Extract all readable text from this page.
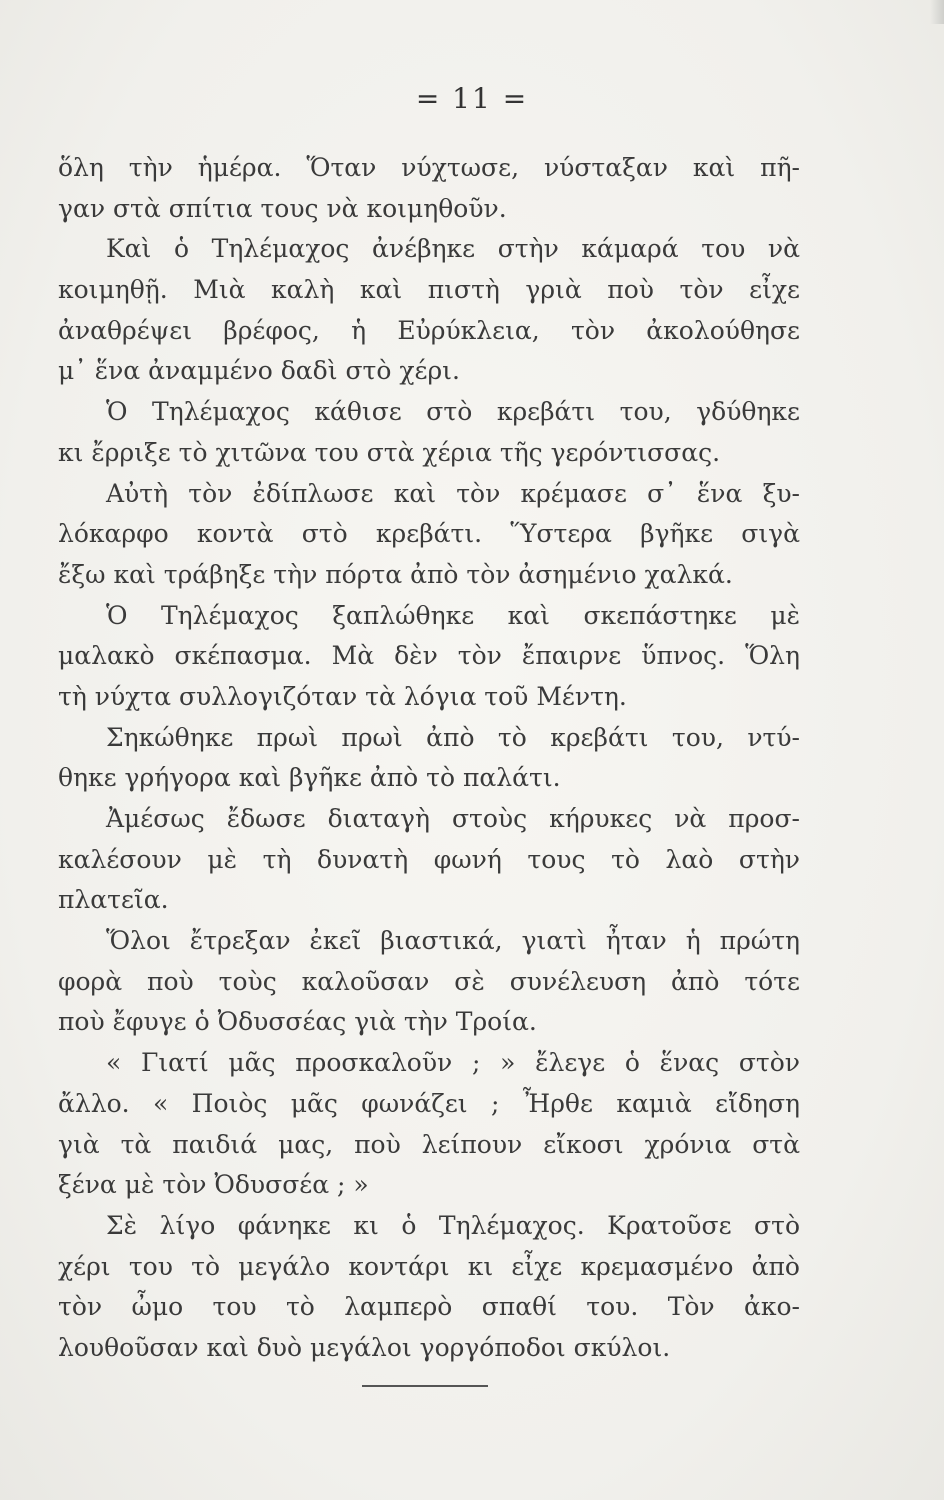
= 11 =
ὅλη τὴν ἡμέρα. Ὅταν νύχτωσε, νύσταξαν καὶ πῆ-
γαν στὰ σπίτια τους νὰ κοιμηθοῦν.
Καὶ ὁ Τηλέμαχος ἀνέβηκε στὴν κάμαρά του νὰ
κοιμηθῇ. Μιὰ καλὴ καὶ πιστὴ γριὰ ποὺ τὸν εἶχε
ἀναθρέψει βρέφος, ἡ Εὐρύκλεια, τὸν ἀκολούθησε
μ᾽ ἕνα ἀναμμένο δαδὶ στὸ χέρι.
Ὁ Τηλέμαχος κάθισε στὸ κρεβάτι του, γδύθηκε
κι ἔρριξε τὸ χιτῶνα του στὰ χέρια τῆς γερόντισσας.
Αὐτὴ τὸν ἐδίπλωσε καὶ τὸν κρέμασε σ᾽ ἕνα ξυ-
λόκαρφο κοντὰ στὸ κρεβάτι. Ὕστερα βγῆκε σιγὰ
ἔξω καὶ τράβηξε τὴν πόρτα ἀπὸ τὸν ἀσημένιο χαλκά.
Ὁ Τηλέμαχος ξαπλώθηκε καὶ σκεπάστηκε μὲ
μαλακὸ σκέπασμα. Μὰ δὲν τὸν ἔπαιρνε ὕπνος. Ὅλη
τὴ νύχτα συλλογιζόταν τὰ λόγια τοῦ Μέντη.
Σηκώθηκε πρωὶ πρωὶ ἀπὸ τὸ κρεβάτι του, ντύ-
θηκε γρήγορα καὶ βγῆκε ἀπὸ τὸ παλάτι.
Ἀμέσως ἔδωσε διαταγὴ στοὺς κήρυκες νὰ προσ-
καλέσουν μὲ τὴ δυνατὴ φωνή τους τὸ λαὸ στὴν
πλατεῖα.
Ὅλοι ἔτρεξαν ἐκεῖ βιαστικά, γιατὶ ἦταν ἡ πρώτη
φορὰ ποὺ τοὺς καλοῦσαν σὲ συνέλευση ἀπὸ τότε
ποὺ ἔφυγε ὁ Ὀδυσσέας γιὰ τὴν Τροία.
« Γιατί μᾶς προσκαλοῦν ; » ἔλεγε ὁ ἕνας στὸν
ἄλλο. « Ποιὸς μᾶς φωνάζει ; Ἦρθε καμιὰ εἴδηση
γιὰ τὰ παιδιά μας, ποὺ λείπουν εἴκοσι χρόνια στὰ
ξένα μὲ τὸν Ὀδυσσέα ; »
Σὲ λίγο φάνηκε κι ὁ Τηλέμαχος. Κρατοῦσε στὸ
χέρι του τὸ μεγάλο κοντάρι κι εἶχε κρεμασμένο ἀπὸ
τὸν ὦμο του τὸ λαμπερὸ σπαθί του. Τὸν ἀκο-
λουθοῦσαν καὶ δυὸ μεγάλοι γοργόποδοι σκύλοι.
